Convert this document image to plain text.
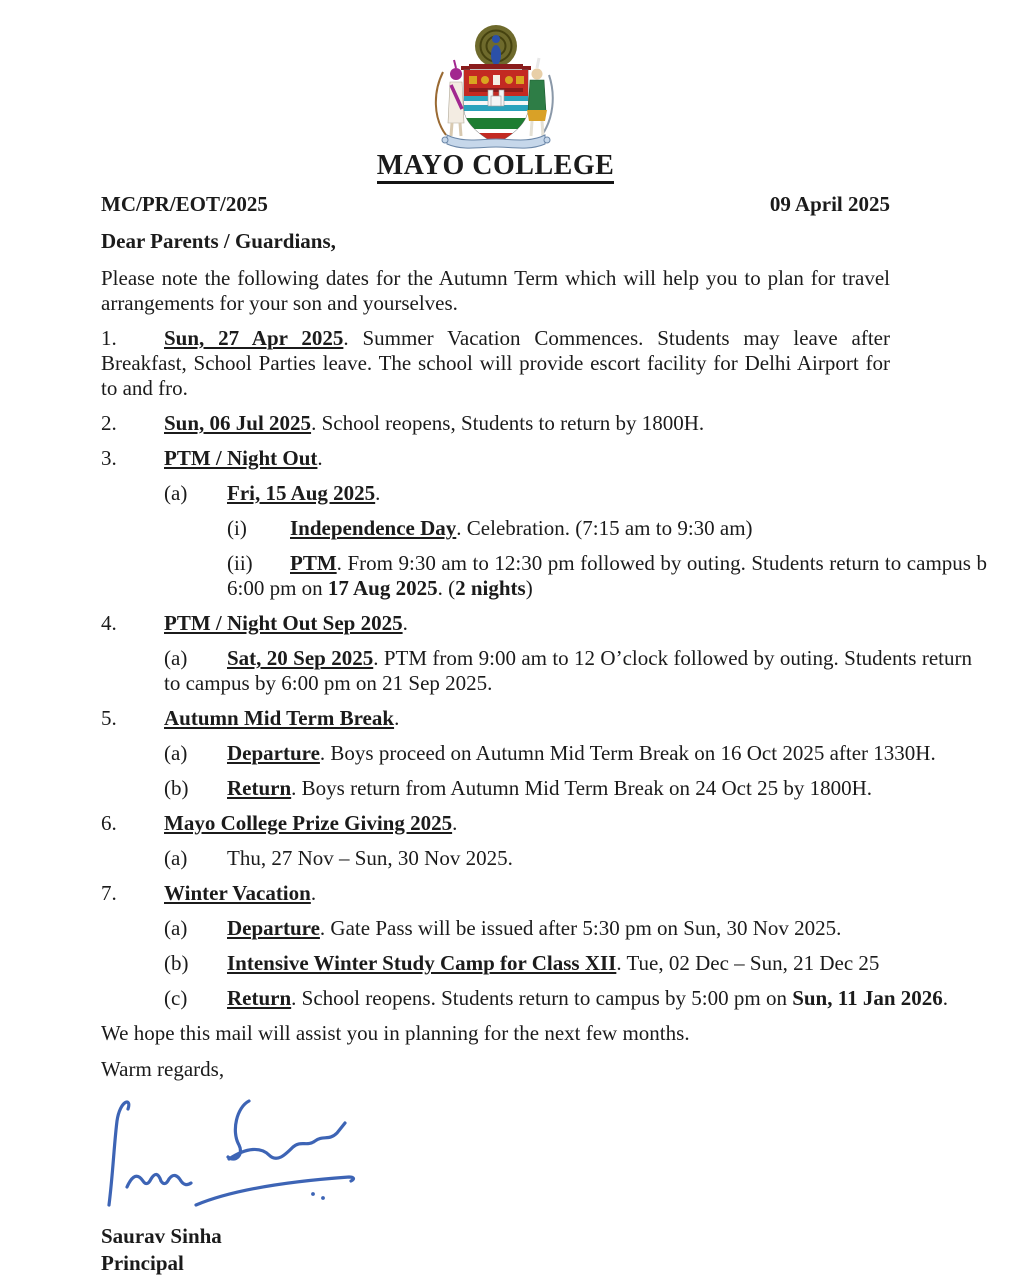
MAYO COLLEGE
MC/PR/EOT/2025	09 April 2025
Dear Parents / Guardians,

Please note the following dates for the Autumn Term which will help you to plan for travel arrangements for your son and yourselves.

1. Sun, 27 Apr 2025. Summer Vacation Commences. Students may leave after Breakfast, School Parties leave. The school will provide escort facility for Delhi Airport for to and fro.

2. Sun, 06 Jul 2025. School reopens, Students to return by 1800H.

3. PTM / Night Out.

(a) Fri, 15 Aug 2025.

(i) Independence Day. Celebration. (7:15 am to 9:30 am)

(ii) PTM. From 9:30 am to 12:30 pm followed by outing. Students return to campus b 6:00 pm on 17 Aug 2025. (2 nights)

4. PTM / Night Out Sep 2025.

(a) Sat, 20 Sep 2025. PTM from 9:00 am to 12 O’clock followed by outing. Students return to campus by 6:00 pm on 21 Sep 2025.

5. Autumn Mid Term Break.

(a) Departure. Boys proceed on Autumn Mid Term Break on 16 Oct 2025 after 1330H.

(b) Return. Boys return from Autumn Mid Term Break on 24 Oct 25 by 1800H.

6. Mayo College Prize Giving 2025.

(a) Thu, 27 Nov – Sun, 30 Nov 2025.

7. Winter Vacation.

(a) Departure. Gate Pass will be issued after 5:30 pm on Sun, 30 Nov 2025.

(b) Intensive Winter Study Camp for Class XII. Tue, 02 Dec – Sun, 21 Dec 25

(c) Return. School reopens. Students return to campus by 5:00 pm on Sun, 11 Jan 2026.

We hope this mail will assist you in planning for the next few months.

Warm regards,

Saurav Sinha
Principal
